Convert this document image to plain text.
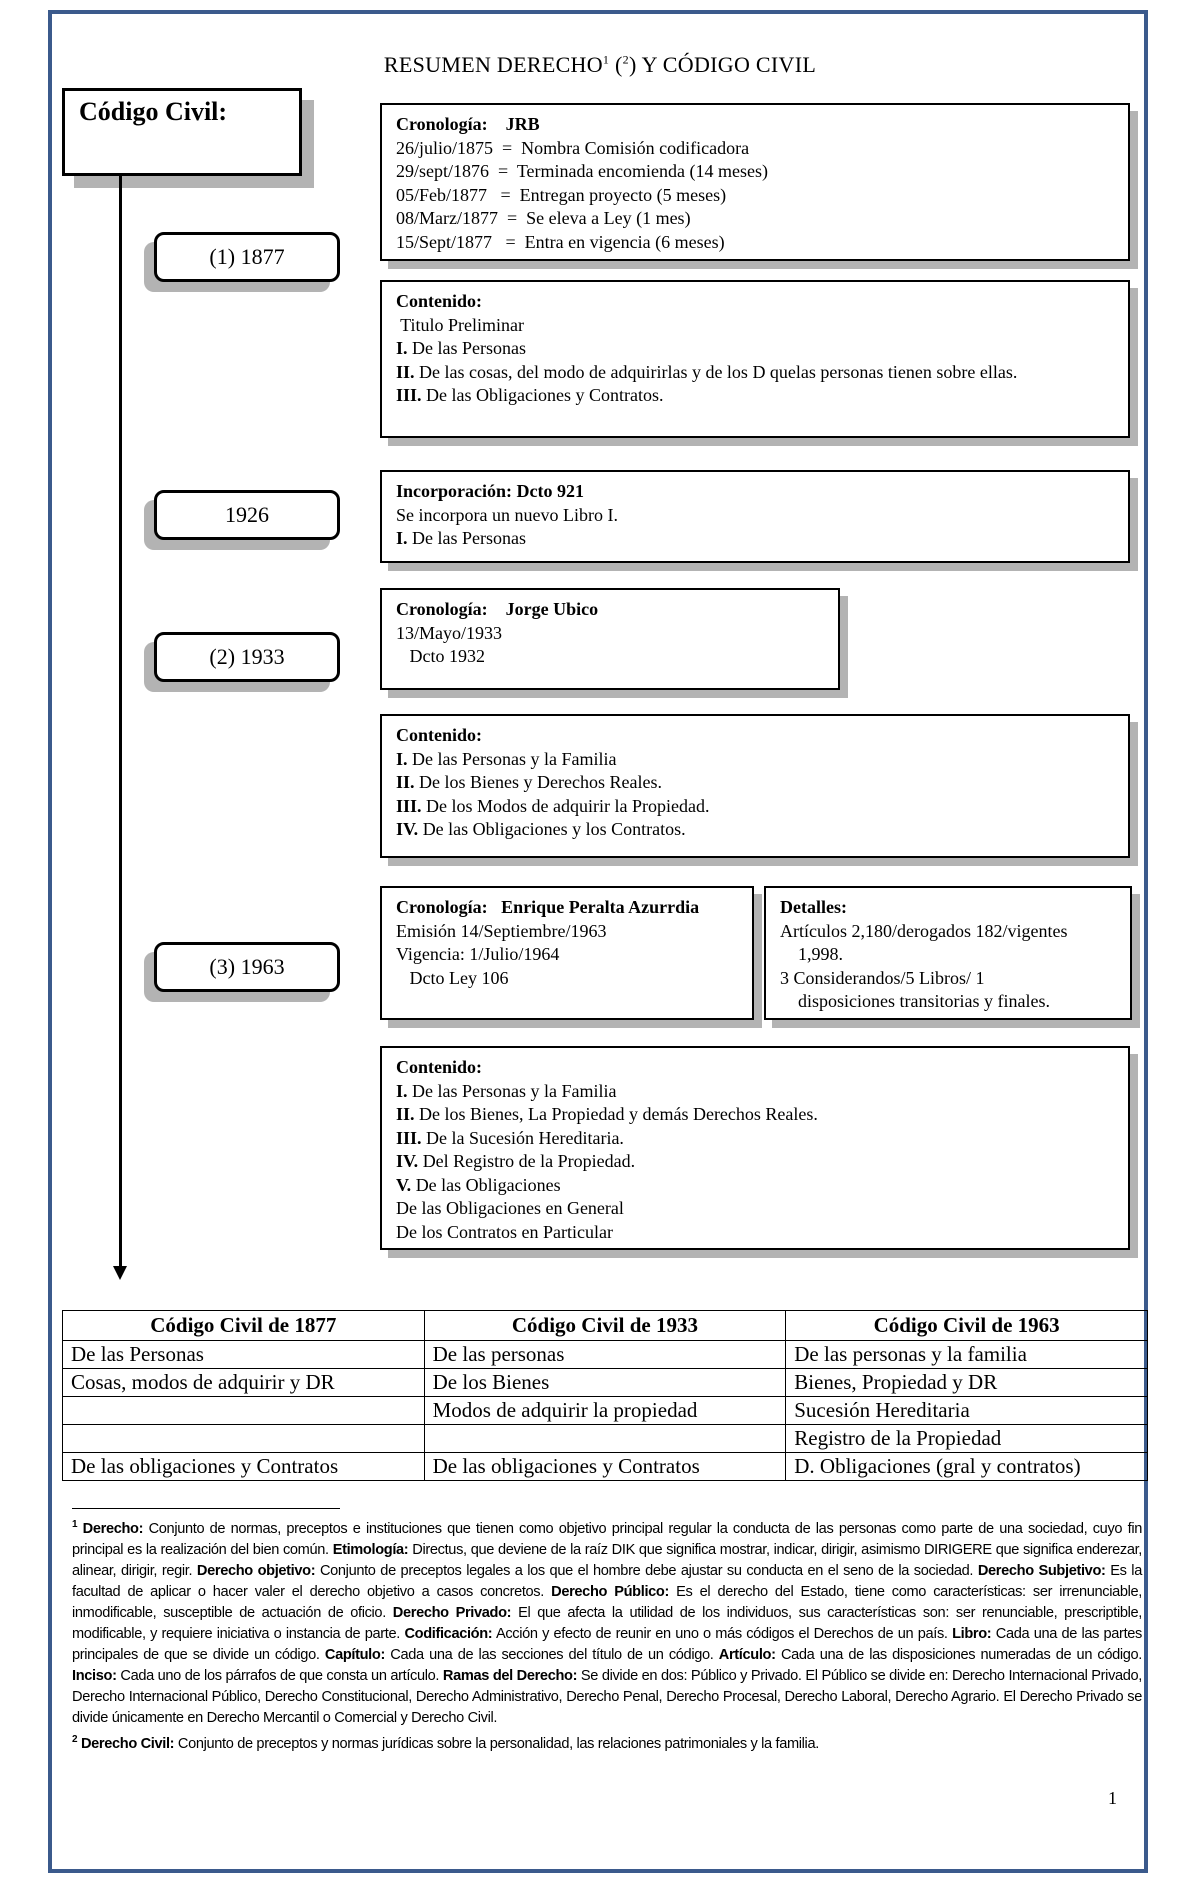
RESUMEN DERECHO$^1$ ($^2$) Y CÓDIGO CIVIL
Código Civil:
(1) 1877
1926
(2) 1933
(3) 1963
Cronología: JRB
26/julio/1875  =  Nombra Comisión codificadora
29/sept/1876  =  Terminada encomienda (14 meses)
05/Feb/1877   =  Entregan proyecto (5 meses)
08/Marz/1877  =  Se eleva a Ley (1 mes)
15/Sept/1877   =  Entra en vigencia (6 meses)
Contenido:
Titulo Preliminar
I. De las Personas
II. De las cosas, del modo de adquirirlas y de los D quelas personas tienen sobre ellas.
III. De las Obligaciones y Contratos.
Incorporación: Dcto 921
Se incorpora un nuevo Libro I.
I. De las Personas
Cronología: Jorge Ubico
13/Mayo/1933
Dcto 1932
Contenido:
I. De las Personas y la Familia
II. De los Bienes y Derechos Reales.
III. De los Modos de adquirir la Propiedad.
IV. De las Obligaciones y los Contratos.
Cronología: Enrique Peralta Azurrdia
Emisión 14/Septiembre/1963
Vigencia: 1/Julio/1964
Dcto Ley 106
Detalles:
Artículos 2,180/derogados 182/vigentes
1,998.
3 Considerandos/5 Libros/ 1
disposiciones transitorias y finales.
Contenido:
I. De las Personas y la Familia
II. De los Bienes, La Propiedad y demás Derechos Reales.
III. De la Sucesión Hereditaria.
IV. Del Registro de la Propiedad.
V. De las Obligaciones
De las Obligaciones en General
De los Contratos en Particular
Código Civil de 1877	Código Civil de 1933	Código Civil de 1963
De las Personas	De las personas	De las personas y la familia
Cosas, modos de adquirir y DR	De los Bienes	Bienes, Propiedad y DR
	Modos de adquirir la propiedad	Sucesión Hereditaria
		Registro de la Propiedad
De las obligaciones y Contratos	De las obligaciones y Contratos	D. Obligaciones (gral y contratos)

$^1$ Derecho: Conjunto de normas, preceptos e instituciones que tienen como objetivo principal regular la conducta de las personas como parte de una sociedad, cuyo fin principal es la realización del bien común. Etimología: Directus, que deviene de la raíz DIK que significa mostrar, indicar, dirigir, asimismo DIRIGERE que significa enderezar, alinear, dirigir, regir. Derecho objetivo: Conjunto de preceptos legales a los que el hombre debe ajustar su conducta en el seno de la sociedad. Derecho Subjetivo: Es la facultad de aplicar o hacer valer el derecho objetivo a casos concretos. Derecho Público: Es el derecho del Estado, tiene como características: ser irrenunciable, inmodificable, susceptible de actuación de oficio. Derecho Privado: El que afecta la utilidad de los individuos, sus características son: ser renunciable, prescriptible, modificable, y requiere iniciativa o instancia de parte. Codificación: Acción y efecto de reunir en uno o más códigos el Derechos de un país. Libro: Cada una de las partes principales de que se divide un código. Capítulo: Cada una de las secciones del título de un código. Artículo: Cada una de las disposiciones numeradas de un código. Inciso: Cada uno de los párrafos de que consta un artículo. Ramas del Derecho: Se divide en dos: Público y Privado. El Público se divide en: Derecho Internacional Privado, Derecho Internacional Público, Derecho Constitucional, Derecho Administrativo, Derecho Penal, Derecho Procesal, Derecho Laboral, Derecho Agrario. El Derecho Privado se divide únicamente en Derecho Mercantil o Comercial y Derecho Civil.

$^2$ Derecho Civil: Conjunto de preceptos y normas jurídicas sobre la personalidad, las relaciones patrimoniales y la familia.

1
